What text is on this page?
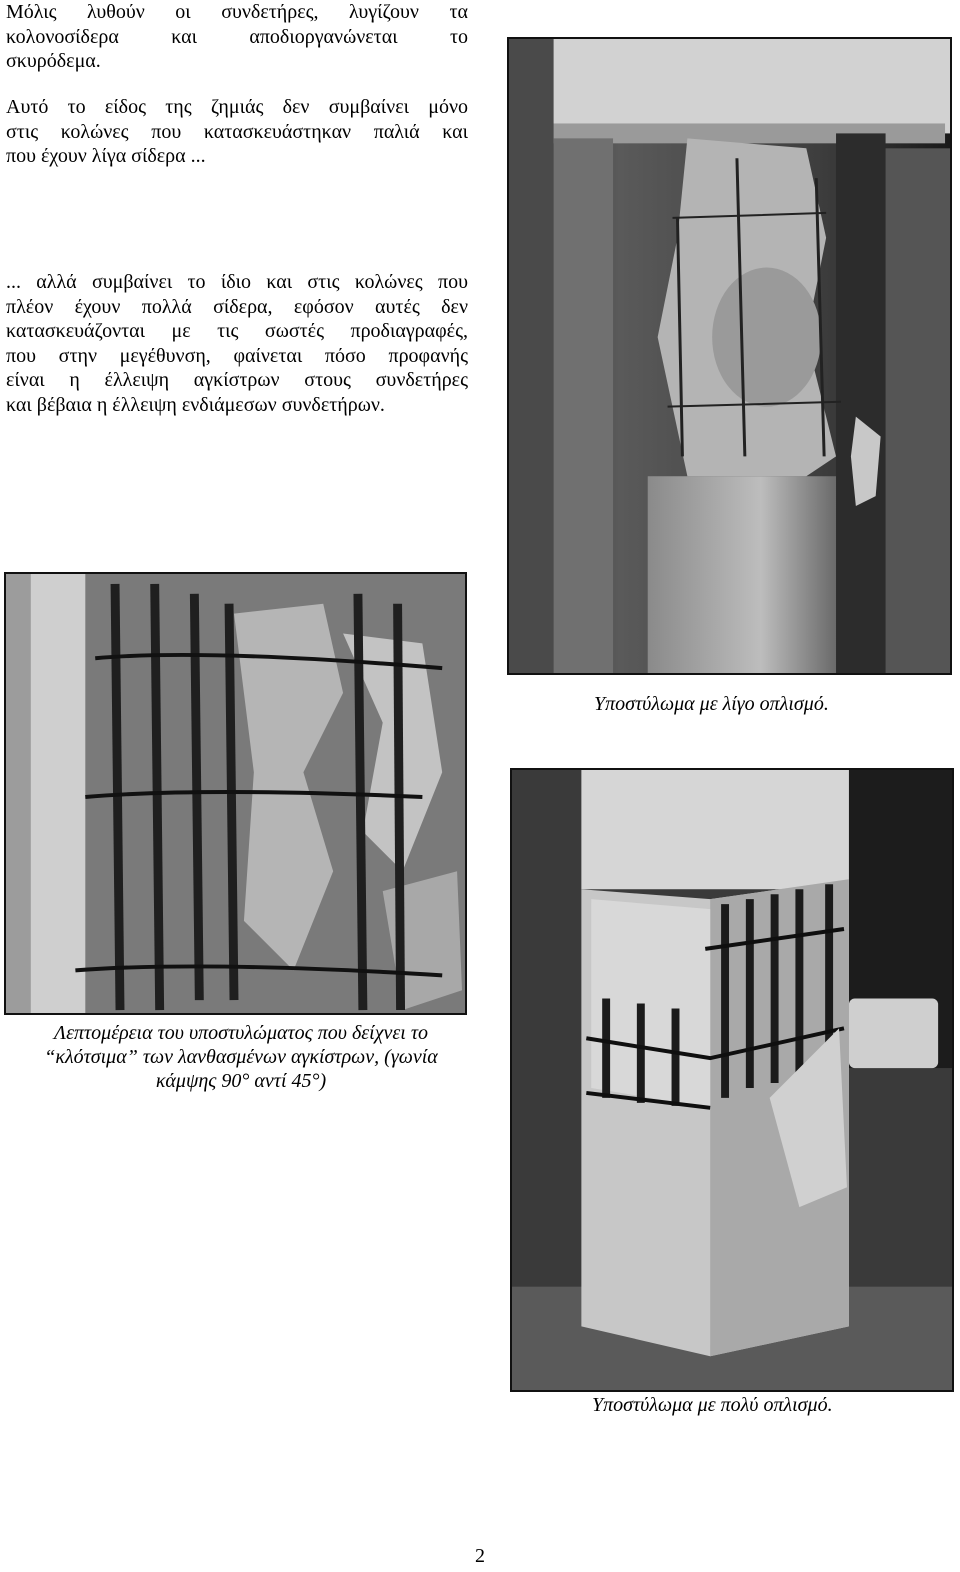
Μόλις λυθούν οι συνδετήρες, λυγίζουν τα
κολονοσίδερα και αποδιοργανώνεται το
σκυρόδεμα.
Αυτό το είδος της ζημιάς δεν συμβαίνει μόνο
στις κολώνες που κατασκευάστηκαν παλιά και
που έχουν λίγα σίδερα ...
... αλλά συμβαίνει το ίδιο και στις κολώνες που
πλέον έχουν πολλά σίδερα, εφόσον αυτές δεν
κατασκευάζονται με τις σωστές προδιαγραφές,
που στην μεγέθυνση, φαίνεται πόσο προφανής
είναι η έλλειψη αγκίστρων στους συνδετήρες
και βέβαια η έλλειψη ενδιάμεσων συνδετήρων.
Υποστύλωμα με λίγο οπλισμό.
Λεπτομέρεια του υποστυλώματος που δείχνει το
“κλότσιμα” των λανθασμένων αγκίστρων, (γωνία
κάμψης 90° αντί 45°)
Υποστύλωμα με πολύ οπλισμό.
2
